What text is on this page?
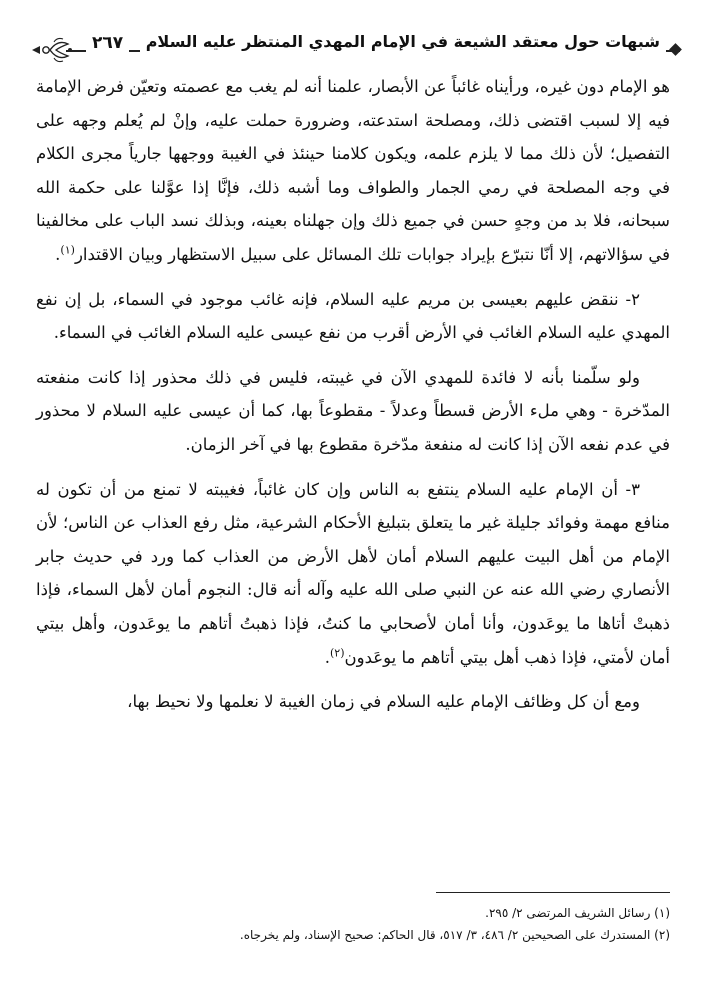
شبهات حول معتقد الشيعة في الإمام المهدي المنتظر عليه السلام
٢٦٧

هو الإمام دون غيره، ورأيناه غائباً عن الأبصار، علمنا أنه لم يغب مع عصمته وتعيّن فرض الإمامة فيه إلا لسبب اقتضى ذلك، ومصلحة استدعته، وضرورة حملت عليه، وإنْ لم يُعلم وجهه على التفصيل؛ لأن ذلك مما لا يلزم علمه، ويكون كلامنا حينئذ في الغيبة ووجهها جارياً مجرى الكلام في وجه المصلحة في رمي الجمار والطواف وما أشبه ذلك، فإنَّا إذا عوَّلنا على حكمة الله سبحانه، فلا بد من وجهٍ حسن في جميع ذلك وإن جهلناه بعينه، وبذلك نسد الباب على مخالفينا في سؤالاتهم، إلا أنّا نتبرّع بإيراد جوابات تلك المسائل على سبيل الاستظهار وبيان الاقتدار$^{(١)}$.

٢- ننقض عليهم بعيسى بن مريم عليه السلام، فإنه غائب موجود في السماء، بل إن نفع المهدي عليه السلام الغائب في الأرض أقرب من نفع عيسى عليه السلام الغائب في السماء.

ولو سلّمنا بأنه لا فائدة للمهدي الآن في غيبته، فليس في ذلك محذور إذا كانت منفعته المدّخرة - وهي ملء الأرض قسطاً وعدلاً - مقطوعاً بها، كما أن عيسى عليه السلام لا محذور في عدم نفعه الآن إذا كانت له منفعة مدّخرة مقطوع بها في آخر الزمان.

٣- أن الإمام عليه السلام ينتفع به الناس وإن كان غائباً، فغيبته لا تمنع من أن تكون له منافع مهمة وفوائد جليلة غير ما يتعلق بتبليغ الأحكام الشرعية، مثل رفع العذاب عن الناس؛ لأن الإمام من أهل البيت عليهم السلام أمان لأهل الأرض من العذاب كما ورد في حديث جابر الأنصاري رضي الله عنه عن النبي صلى الله عليه وآله أنه قال: النجوم أمان لأهل السماء، فإذا ذهبتْ أتاها ما يوعَدون، وأنا أمان لأصحابي ما كنتُ، فإذا ذهبتُ أتاهم ما يوعَدون، وأهل بيتي أمان لأمتي، فإذا ذهب أهل بيتي أتاهم ما يوعَدون$^{(٢)}$.

ومع أن كل وظائف الإمام عليه السلام في زمان الغيبة لا نعلمها ولا نحيط بها،

(١) رسائل الشريف المرتضى ٢/ ٢٩٥.
(٢) المستدرك على الصحيحين ٢/ ٤٨٦، ٣/ ٥١٧، قال الحاكم: صحيح الإسناد، ولم يخرجاه.
